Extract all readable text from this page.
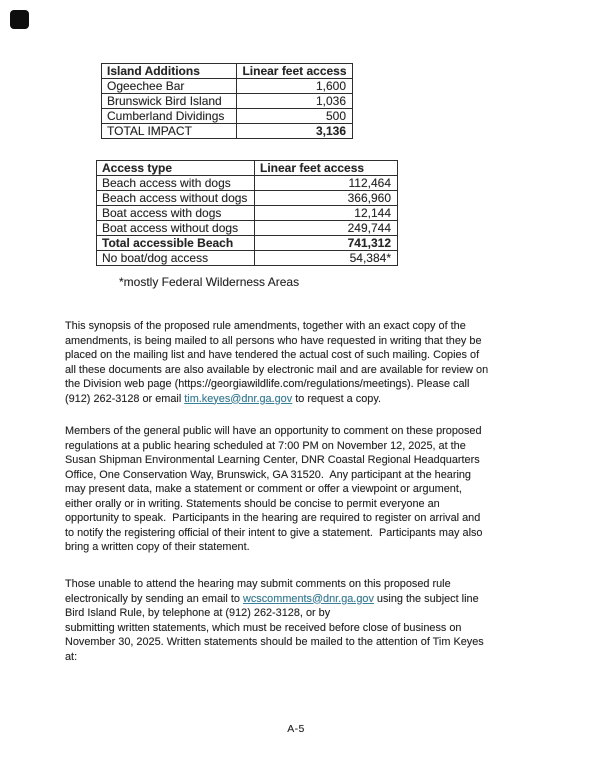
Island Additions	Linear feet access
Ogeechee Bar	1,600
Brunswick Bird Island	1,036
Cumberland Dividings	500
TOTAL IMPACT	3,136
Access type	Linear feet access
Beach access with dogs	112,464
Beach access without dogs	366,960
Boat access with dogs	12,144
Boat access without dogs	249,744
Total accessible Beach	741,312
No boat/dog access	54,384*
*mostly Federal Wilderness Areas
This synopsis of the proposed rule amendments, together with an exact copy of the
amendments, is being mailed to all persons who have requested in writing that they be
placed on the mailing list and have tendered the actual cost of such mailing. Copies of
all these documents are also available by electronic mail and are available for review on
the Division web page (https://georgiawildlife.com/regulations/meetings). Please call
(912) 262-3128 or email tim.keyes@dnr.ga.gov to request a copy.
Members of the general public will have an opportunity to comment on these proposed
regulations at a public hearing scheduled at 7:00 PM on November 12, 2025, at the
Susan Shipman Environmental Learning Center, DNR Coastal Regional Headquarters
Office, One Conservation Way, Brunswick, GA 31520.  Any participant at the hearing
may present data, make a statement or comment or offer a viewpoint or argument,
either orally or in writing. Statements should be concise to permit everyone an
opportunity to speak.  Participants in the hearing are required to register on arrival and
to notify the registering official of their intent to give a statement.  Participants may also
bring a written copy of their statement.
Those unable to attend the hearing may submit comments on this proposed rule
electronically by sending an email to wcscomments@dnr.ga.gov using the subject line
Bird Island Rule, by telephone at (912) 262-3128, or by
submitting written statements, which must be received before close of business on
November 30, 2025. Written statements should be mailed to the attention of Tim Keyes
at:
A-5
